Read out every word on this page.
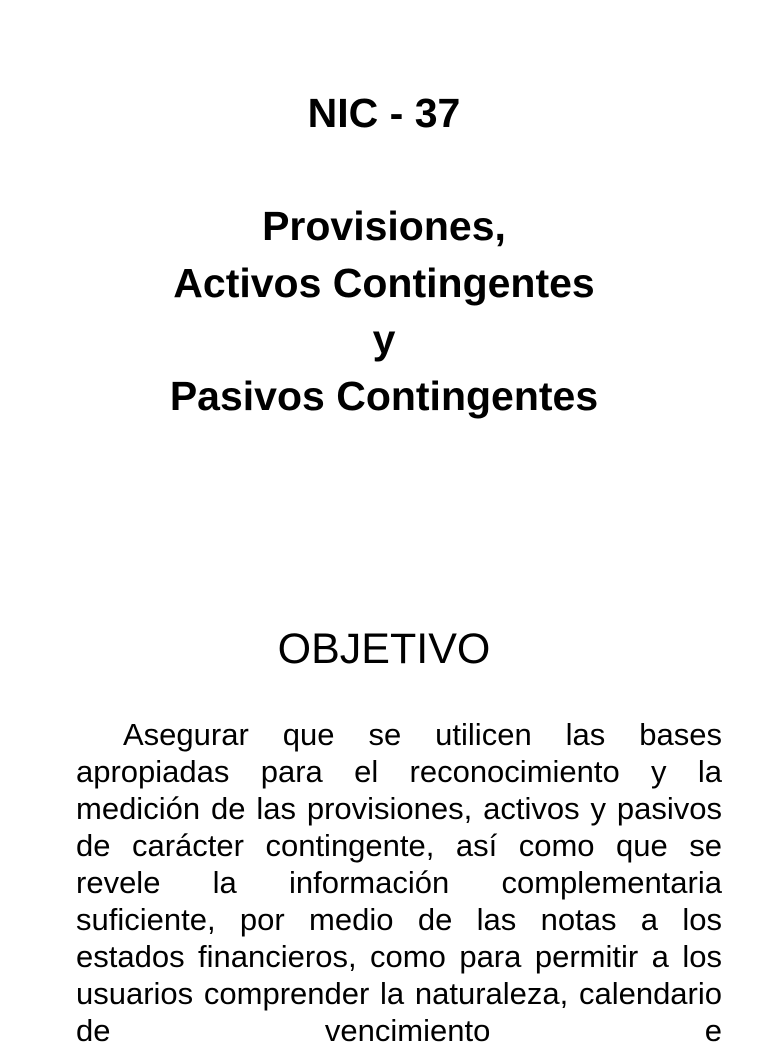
NIC - 37
Provisiones,
Activos Contingentes
y
Pasivos Contingentes
OBJETIVO

Asegurar que se utilicen las bases apropiadas para el reconocimiento y la medición de las provisiones, activos y pasivos de carácter contingente, así como que se revele la información complementaria suficiente, por medio de las notas a los estados financieros, como para permitir a los usuarios comprender la naturaleza, calendario de vencimiento e
